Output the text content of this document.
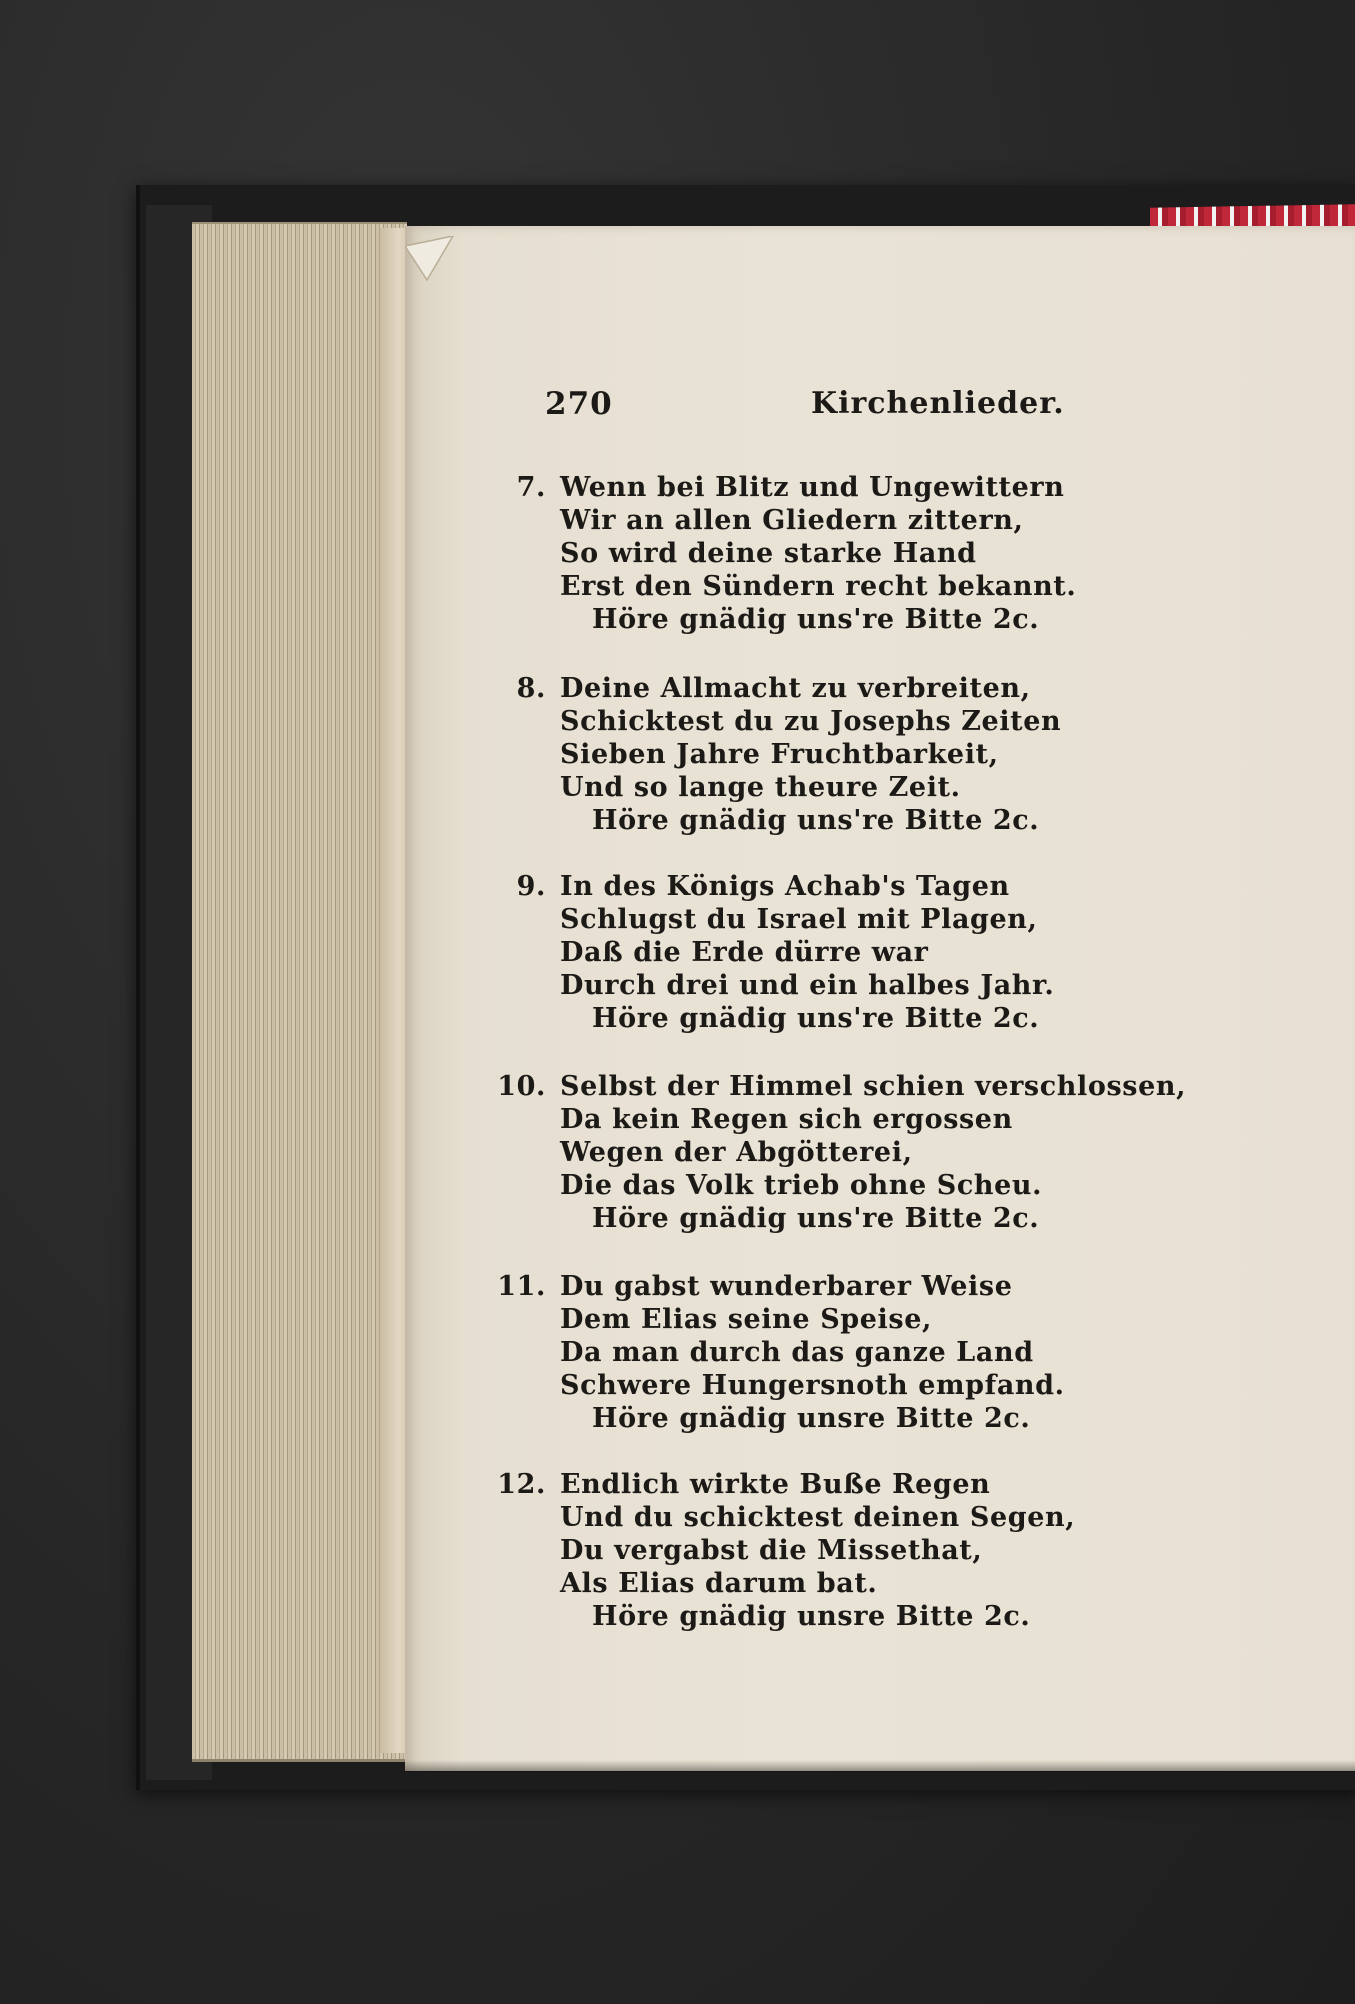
270	Kirchenlieder.
7. Wenn bei Blitz und Ungewittern
Wir an allen Gliedern zittern,
So wird deine starke Hand
Erst den Sündern recht bekannt.
Höre gnädig uns're Bitte 2c.
8. Deine Allmacht zu verbreiten,
Schicktest du zu Josephs Zeiten
Sieben Jahre Fruchtbarkeit,
Und so lange theure Zeit.
Höre gnädig uns're Bitte 2c.
9. In des Königs Achab's Tagen
Schlugst du Israel mit Plagen,
Daß die Erde dürre war
Durch drei und ein halbes Jahr.
Höre gnädig uns're Bitte 2c.
10. Selbst der Himmel schien verschlossen,
Da kein Regen sich ergossen
Wegen der Abgötterei,
Die das Volk trieb ohne Scheu.
Höre gnädig uns're Bitte 2c.
11. Du gabst wunderbarer Weise
Dem Elias seine Speise,
Da man durch das ganze Land
Schwere Hungersnoth empfand.
Höre gnädig unsre Bitte 2c.
12. Endlich wirkte Buße Regen
Und du schicktest deinen Segen,
Du vergabst die Missethat,
Als Elias darum bat.
Höre gnädig unsre Bitte 2c.
